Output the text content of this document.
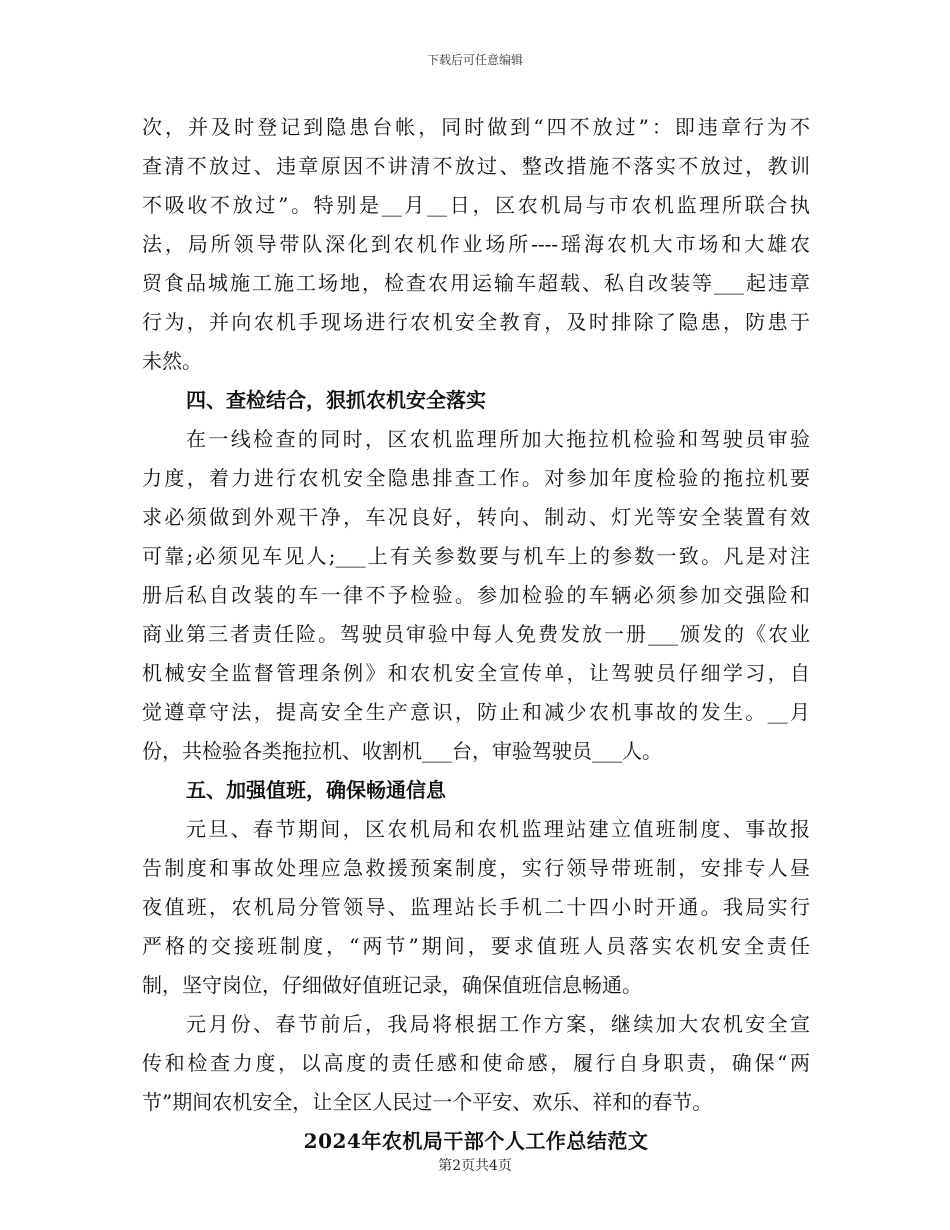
下载后可任意编辑
次，并及时登记到隐患台帐，同时做到“四不放过”：即违章行为不
查清不放过、违章原因不讲清不放过、整改措施不落实不放过，教训
不吸收不放过”。特别是__月__日，区农机局与市农机监理所联合执
法，局所领导带队深化到农机作业场所----瑶海农机大市场和大雄农
贸食品城施工施工场地，检查农用运输车超载、私自改装等___起违章
行为，并向农机手现场进行农机安全教育，及时排除了隐患，防患于
未然。
四、查检结合，狠抓农机安全落实
在一线检查的同时，区农机监理所加大拖拉机检验和驾驶员审验
力度，着力进行农机安全隐患排查工作。对参加年度检验的拖拉机要
求必须做到外观干净，车况良好，转向、制动、灯光等安全装置有效
可靠;必须见车见人;___上有关参数要与机车上的参数一致。凡是对注
册后私自改装的车一律不予检验。参加检验的车辆必须参加交强险和
商业第三者责任险。驾驶员审验中每人免费发放一册___颁发的《农业
机械安全监督管理条例》和农机安全宣传单，让驾驶员仔细学习，自
觉遵章守法，提高安全生产意识，防止和减少农机事故的发生。__月
份，共检验各类拖拉机、收割机___台，审验驾驶员___人。
五、加强值班，确保畅通信息
元旦、春节期间，区农机局和农机监理站建立值班制度、事故报
告制度和事故处理应急救援预案制度，实行领导带班制，安排专人昼
夜值班，农机局分管领导、监理站长手机二十四小时开通。我局实行
严格的交接班制度，“两节”期间，要求值班人员落实农机安全责任
制，坚守岗位，仔细做好值班记录，确保值班信息畅通。
元月份、春节前后，我局将根据工作方案，继续加大农机安全宣
传和检查力度，以高度的责任感和使命感，履行自身职责，确保“两
节”期间农机安全，让全区人民过一个平安、欢乐、祥和的春节。
2024年农机局干部个人工作总结范文
第2页共4页
